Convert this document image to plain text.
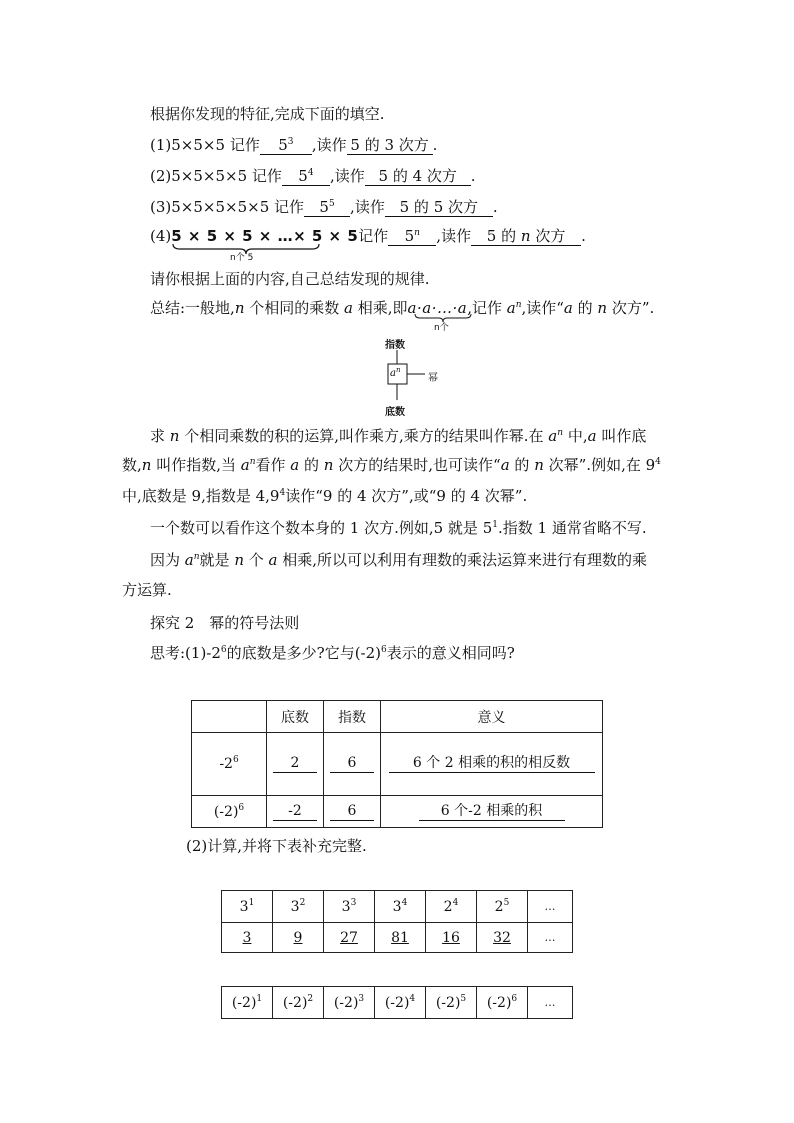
根据你发现的特征,完成下面的填空.
(1)5×5×5 记作 $5^3$ ,读作 5 的 3 次方 .
(2)5×5×5×5 记作 $5^4$ ,读作 5 的 4 次方 .
(3)5×5×5×5×5 记作 $5^5$ ,读作 5 的 5 次方 .
(4)5 × 5 × 5 × …× 5 × 5记作 5$^n$ ,读作 5 的 n 次方 .
n个 5
请你根据上面的内容,自己总结发现的规律.
总结:一般地,n 个相同的乘数 a 相乘,即a·a·…·a,记作 $a^n$,读作“a 的 n 次方”.
n个
指数
$a^n$
幂
底数
求 n 个相同乘数的积的运算,叫作乘方,乘方的结果叫作幂.在 $a^n$ 中,a 叫作底
数,n 叫作指数,当 $a^n$看作 a 的 n 次方的结果时,也可读作“a 的 n 次幂”.例如,在 $9^4$
中,底数是 9,指数是 $4,9^4$读作“9 的 4 次方”,或“9 的 4 次幂”.
一个数可以看作这个数本身的 1 次方.例如,5 就是 $5^1$.指数 1 通常省略不写.
因为 $a^n$就是 n 个 a 相乘,所以可以利用有理数的乘法运算来进行有理数的乘
方运算.
探究 2　幂的符号法则
思考$:(1)-2^6$的底数是多少?它与$(-2)^6$表示的意义相同吗?
	底数	指数	意义
$-2^6$	2	6	6 个 2 相乘的积的相反数
$(-2)^6$	-2	6	6 个-2 相乘的积
(2)计算,并将下表补充完整.
$3^1$	$3^2$	$3^3$	$3^4$	$2^4$	$2^5$	…
3	9	27	81	16	32	…
$(-2)^1$	$(-2)^2$	$(-2)^3$	$(-2)^4$	$(-2)^5$	$(-2)^6$	…
